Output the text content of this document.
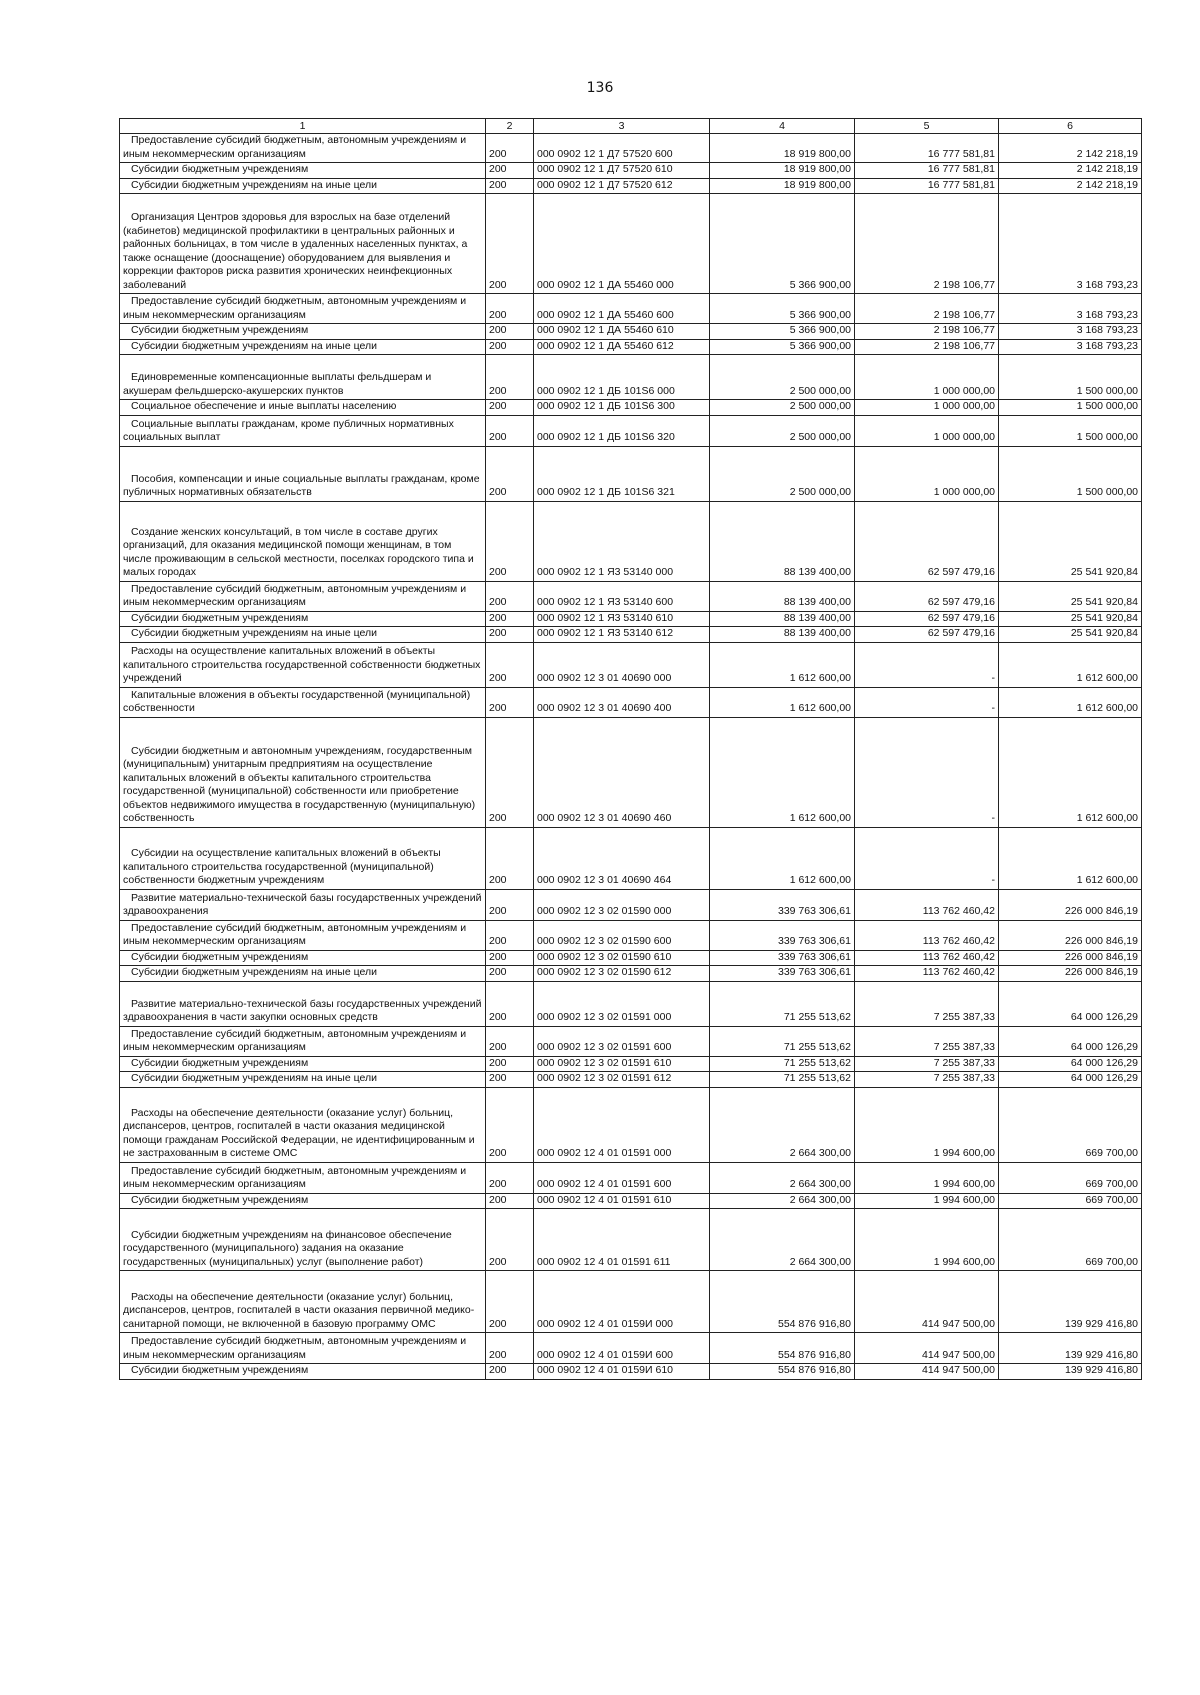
136
1	2	3	4	5	6
Предоставление субсидий бюджетным, автономным учреждениям и иным некоммерческим организациям	200	000 0902 12 1 Д7 57520 600	18 919 800,00	16 777 581,81	2 142 218,19
Субсидии бюджетным учреждениям	200	000 0902 12 1 Д7 57520 610	18 919 800,00	16 777 581,81	2 142 218,19
Субсидии бюджетным учреждениям на иные цели	200	000 0902 12 1 Д7 57520 612	18 919 800,00	16 777 581,81	2 142 218,19
Организация Центров здоровья для взрослых на базе отделений (кабинетов) медицинской профилактики в центральных районных и районных больницах, в том числе в удаленных населенных пунктах, а также оснащение (дооснащение) оборудованием для выявления и коррекции факторов риска развития хронических неинфекционных заболеваний	200	000 0902 12 1 ДА 55460 000	5 366 900,00	2 198 106,77	3 168 793,23
Предоставление субсидий бюджетным, автономным учреждениям и иным некоммерческим организациям	200	000 0902 12 1 ДА 55460 600	5 366 900,00	2 198 106,77	3 168 793,23
Субсидии бюджетным учреждениям	200	000 0902 12 1 ДА 55460 610	5 366 900,00	2 198 106,77	3 168 793,23
Субсидии бюджетным учреждениям на иные цели	200	000 0902 12 1 ДА 55460 612	5 366 900,00	2 198 106,77	3 168 793,23
Единовременные компенсационные выплаты фельдшерам и акушерам фельдшерско-акушерских пунктов	200	000 0902 12 1 ДБ 101S6 000	2 500 000,00	1 000 000,00	1 500 000,00
Социальное обеспечение и иные выплаты населению	200	000 0902 12 1 ДБ 101S6 300	2 500 000,00	1 000 000,00	1 500 000,00
Социальные выплаты гражданам, кроме публичных нормативных социальных выплат	200	000 0902 12 1 ДБ 101S6 320	2 500 000,00	1 000 000,00	1 500 000,00
Пособия, компенсации и иные социальные выплаты гражданам, кроме публичных нормативных обязательств	200	000 0902 12 1 ДБ 101S6 321	2 500 000,00	1 000 000,00	1 500 000,00
Создание женских консультаций, в том числе в составе других организаций, для оказания медицинской помощи женщинам, в том числе проживающим в сельской местности, поселках городского типа и малых городах	200	000 0902 12 1 Я3 53140 000	88 139 400,00	62 597 479,16	25 541 920,84
Предоставление субсидий бюджетным, автономным учреждениям и иным некоммерческим организациям	200	000 0902 12 1 Я3 53140 600	88 139 400,00	62 597 479,16	25 541 920,84
Субсидии бюджетным учреждениям	200	000 0902 12 1 Я3 53140 610	88 139 400,00	62 597 479,16	25 541 920,84
Субсидии бюджетным учреждениям на иные цели	200	000 0902 12 1 Я3 53140 612	88 139 400,00	62 597 479,16	25 541 920,84
Расходы на осуществление капитальных вложений в объекты капитального строительства государственной собственности бюджетных учреждений	200	000 0902 12 3 01 40690 000	1 612 600,00	-	1 612 600,00
Капитальные вложения в объекты государственной (муниципальной) собственности	200	000 0902 12 3 01 40690 400	1 612 600,00	-	1 612 600,00
Субсидии бюджетным и автономным учреждениям, государственным (муниципальным) унитарным предприятиям на осуществление капитальных вложений в объекты капитального строительства государственной (муниципальной) собственности или приобретение объектов недвижимого имущества в государственную (муниципальную) собственность	200	000 0902 12 3 01 40690 460	1 612 600,00	-	1 612 600,00
Субсидии на осуществление капитальных вложений в объекты капитального строительства государственной (муниципальной) собственности бюджетным учреждениям	200	000 0902 12 3 01 40690 464	1 612 600,00	-	1 612 600,00
Развитие материально-технической базы государственных учреждений здравоохранения	200	000 0902 12 3 02 01590 000	339 763 306,61	113 762 460,42	226 000 846,19
Предоставление субсидий бюджетным, автономным учреждениям и иным некоммерческим организациям	200	000 0902 12 3 02 01590 600	339 763 306,61	113 762 460,42	226 000 846,19
Субсидии бюджетным учреждениям	200	000 0902 12 3 02 01590 610	339 763 306,61	113 762 460,42	226 000 846,19
Субсидии бюджетным учреждениям на иные цели	200	000 0902 12 3 02 01590 612	339 763 306,61	113 762 460,42	226 000 846,19
Развитие материально-технической базы государственных учреждений здравоохранения в части закупки основных средств	200	000 0902 12 3 02 01591 000	71 255 513,62	7 255 387,33	64 000 126,29
Предоставление субсидий бюджетным, автономным учреждениям и иным некоммерческим организациям	200	000 0902 12 3 02 01591 600	71 255 513,62	7 255 387,33	64 000 126,29
Субсидии бюджетным учреждениям	200	000 0902 12 3 02 01591 610	71 255 513,62	7 255 387,33	64 000 126,29
Субсидии бюджетным учреждениям на иные цели	200	000 0902 12 3 02 01591 612	71 255 513,62	7 255 387,33	64 000 126,29
Расходы на обеспечение деятельности (оказание услуг) больниц, диспансеров, центров, госпиталей в части оказания медицинской помощи гражданам Российской Федерации, не идентифицированным и не застрахованным в системе ОМС	200	000 0902 12 4 01 01591 000	2 664 300,00	1 994 600,00	669 700,00
Предоставление субсидий бюджетным, автономным учреждениям и иным некоммерческим организациям	200	000 0902 12 4 01 01591 600	2 664 300,00	1 994 600,00	669 700,00
Субсидии бюджетным учреждениям	200	000 0902 12 4 01 01591 610	2 664 300,00	1 994 600,00	669 700,00
Субсидии бюджетным учреждениям на финансовое обеспечение государственного (муниципального) задания на оказание государственных (муниципальных) услуг (выполнение работ)	200	000 0902 12 4 01 01591 611	2 664 300,00	1 994 600,00	669 700,00
Расходы на обеспечение деятельности (оказание услуг) больниц, диспансеров, центров, госпиталей в части оказания первичной медико-санитарной помощи, не включенной в базовую программу ОМС	200	000 0902 12 4 01 0159И 000	554 876 916,80	414 947 500,00	139 929 416,80
Предоставление субсидий бюджетным, автономным учреждениям и иным некоммерческим организациям	200	000 0902 12 4 01 0159И 600	554 876 916,80	414 947 500,00	139 929 416,80
Субсидии бюджетным учреждениям	200	000 0902 12 4 01 0159И 610	554 876 916,80	414 947 500,00	139 929 416,80
